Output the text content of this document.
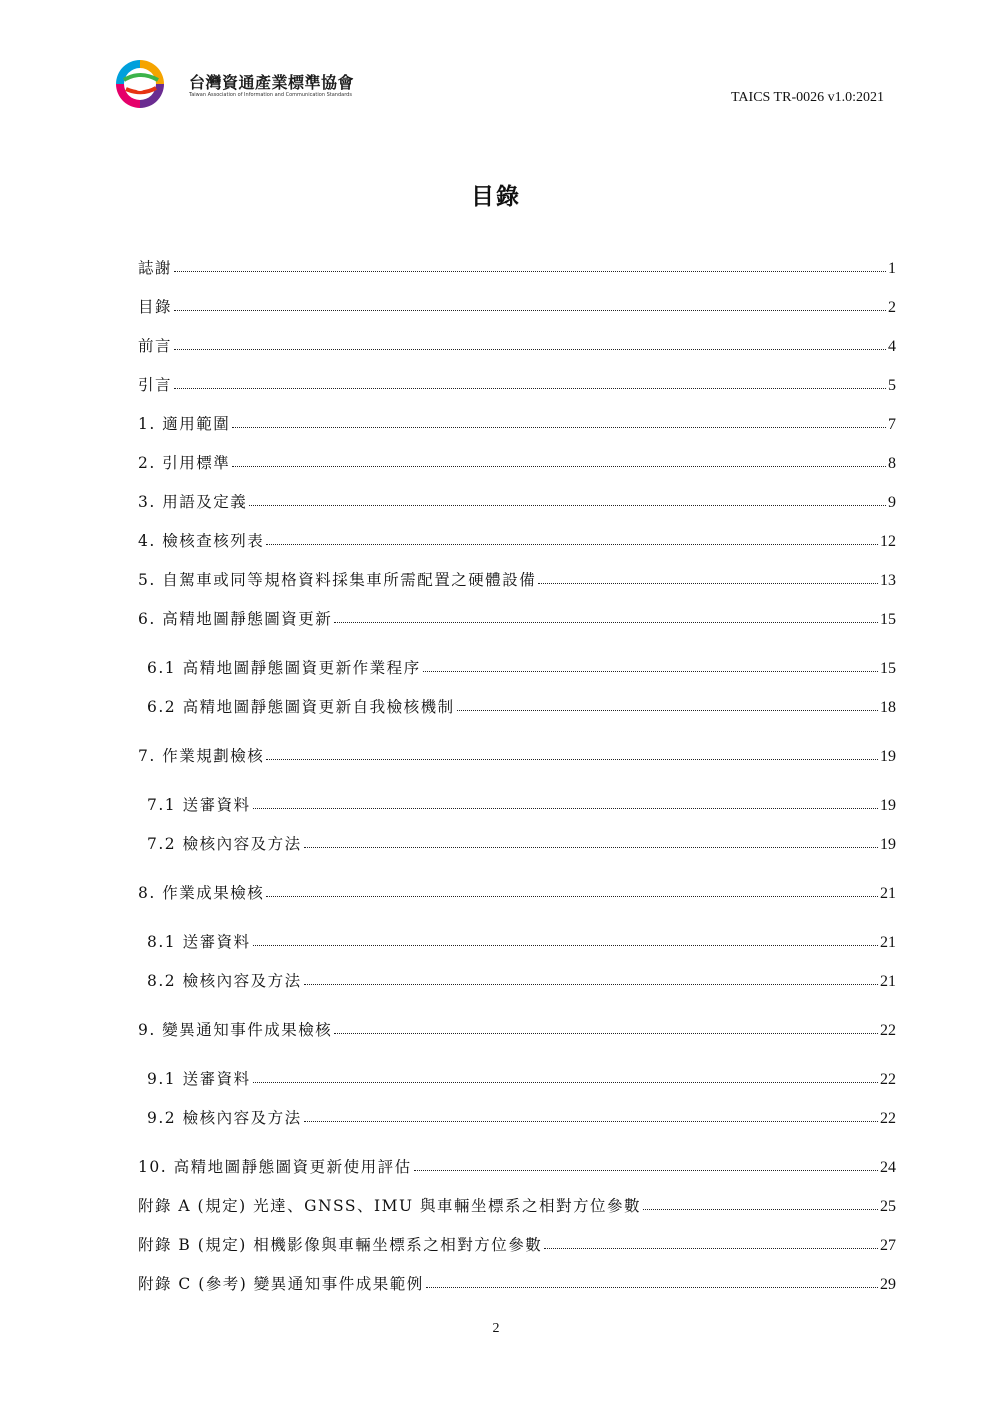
台灣資通產業標準協會
Taiwan Association of Information and Communication Standards	TAICS TR-0026 v1.0:2021
目錄
誌謝	1
目錄	2
前言	4
引言	5
1. 適用範圍	7
2. 引用標準	8
3. 用語及定義	9
4. 檢核查核列表	12
5. 自駕車或同等規格資料採集車所需配置之硬體設備	13
6. 高精地圖靜態圖資更新	15
6.1 高精地圖靜態圖資更新作業程序	15
6.2 高精地圖靜態圖資更新自我檢核機制	18
7. 作業規劃檢核	19
7.1 送審資料	19
7.2 檢核內容及方法	19
8. 作業成果檢核	21
8.1 送審資料	21
8.2 檢核內容及方法	21
9. 變異通知事件成果檢核	22
9.1 送審資料	22
9.2 檢核內容及方法	22
10. 高精地圖靜態圖資更新使用評估	24
附錄 A (規定) 光達、GNSS、IMU 與車輛坐標系之相對方位參數	25
附錄 B (規定) 相機影像與車輛坐標系之相對方位參數	27
附錄 C (參考) 變異通知事件成果範例	29
2
